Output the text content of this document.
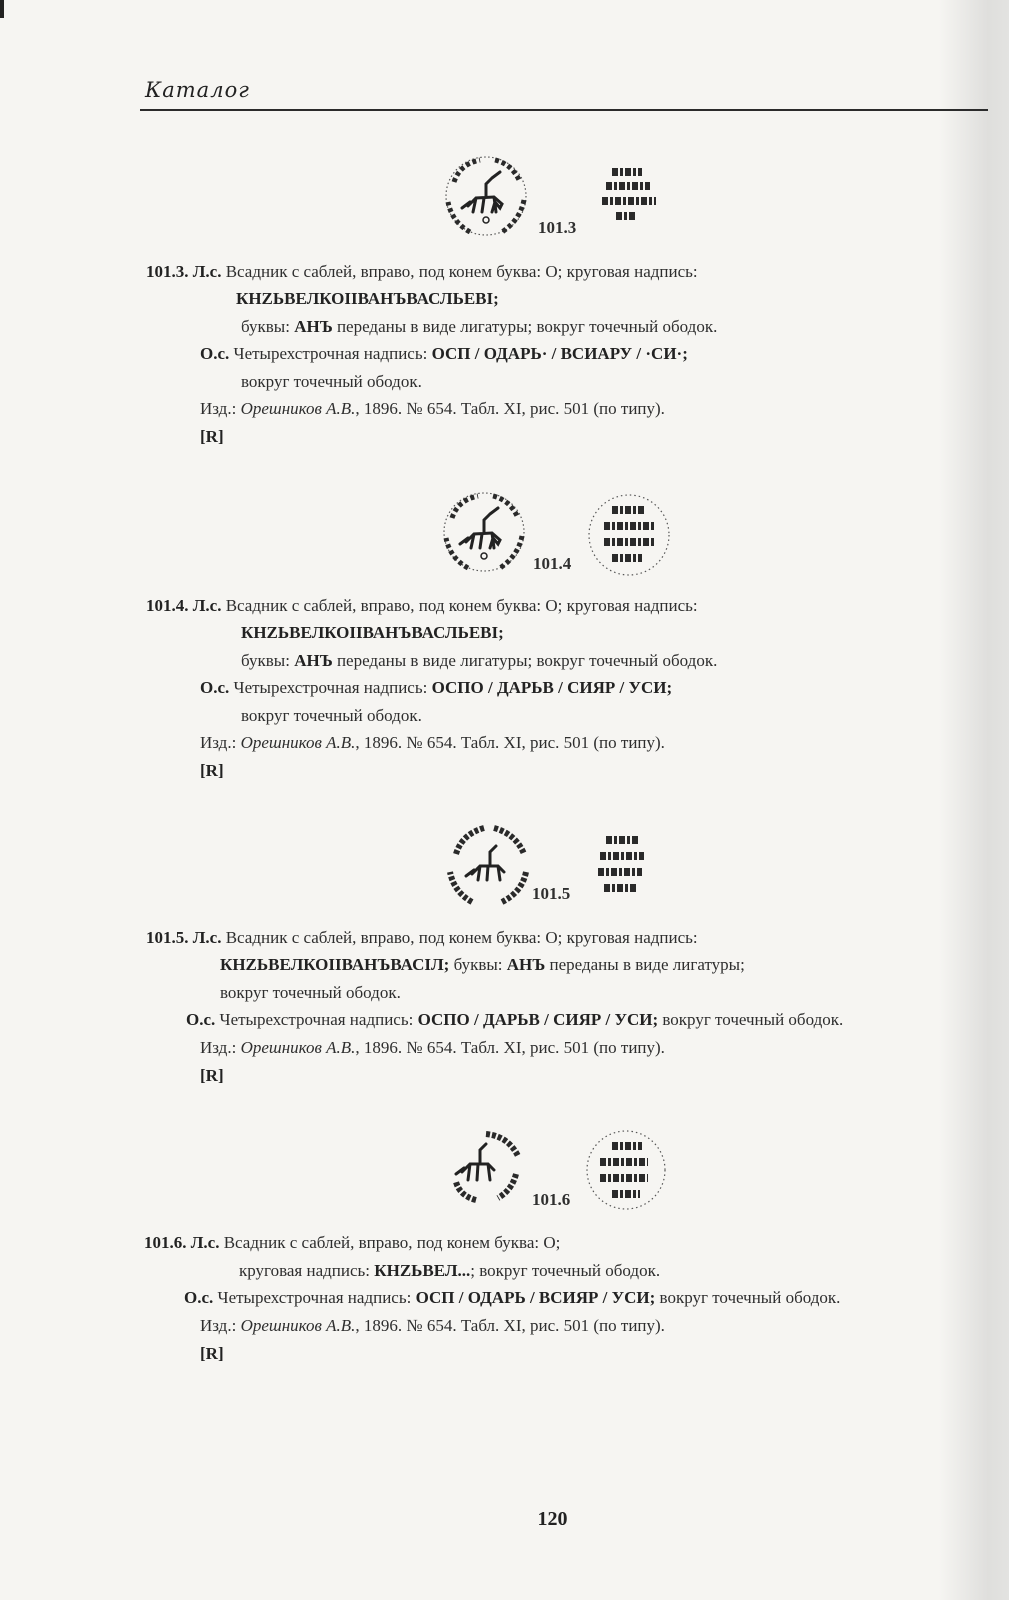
Каталог
101.3
101.3. Л.с. Всадник с саблей, вправо, под конем буква: О; круговая надпись:
КНZЬВЕЛКОІІВАНЪВАСЛЬЕВІ;
буквы: АНЪ переданы в виде лигатуры; вокруг точечный ободок.
О.с. Четырехстрочная надпись: ОСП / ОДАРЬ· / ВСИАРУ / ·СИ·;
вокруг точечный ободок.
Изд.: Орешников А.В., 1896. № 654. Табл. XI, рис. 501 (по типу).
[R]
101.4
101.4. Л.с. Всадник с саблей, вправо, под конем буква: О; круговая надпись:
КНZЬВЕЛКОІІВАНЪВАСЛЬЕВІ;
буквы: АНЪ переданы в виде лигатуры; вокруг точечный ободок.
О.с. Четырехстрочная надпись: ОСПО / ДАРЬВ / СИЯР / УСИ;
вокруг точечный ободок.
Изд.: Орешников А.В., 1896. № 654. Табл. XI, рис. 501 (по типу).
[R]
101.5
101.5. Л.с. Всадник с саблей, вправо, под конем буква: О; круговая надпись:
КНZЬВЕЛКОІІВАНЪВАСІЛ; буквы: АНЪ переданы в виде лигатуры;
вокруг точечный ободок.
О.с. Четырехстрочная надпись: ОСПО / ДАРЬВ / СИЯР / УСИ; вокруг точечный ободок.
Изд.: Орешников А.В., 1896. № 654. Табл. XI, рис. 501 (по типу).
[R]
101.6
101.6. Л.с. Всадник с саблей, вправо, под конем буква: О;
круговая надпись: КНZЬВЕЛ...; вокруг точечный ободок.
О.с. Четырехстрочная надпись: ОСП / ОДАРЬ / ВСИЯР / УСИ; вокруг точечный ободок.
Изд.: Орешников А.В., 1896. № 654. Табл. XI, рис. 501 (по типу).
[R]
120
